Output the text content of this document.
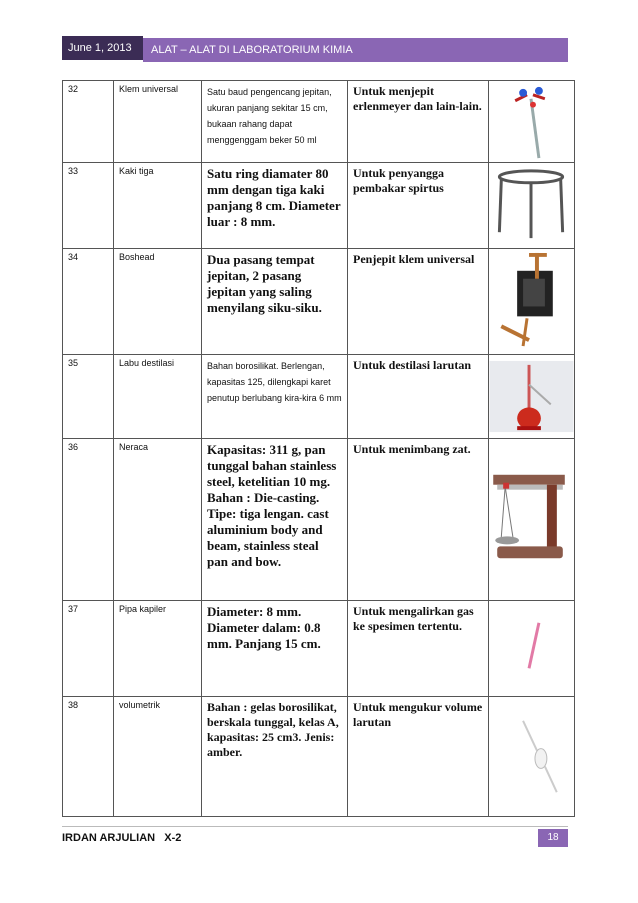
June 1, 2013	ALAT – ALAT DI LABORATORIUM KIMIA
32	Klem universal	Satu baud pengencang jepitan, ukuran panjang sekitar 15 cm, bukaan rahang dapat menggenggam beker 50 ml	Untuk menjepit erlenmeyer dan lain-lain.	

33	Kaki tiga	Satu ring diamater 80 mm dengan tiga kaki panjang 8 cm. Diameter luar : 8 mm.	Untuk penyangga pembakar spirtus	

34	Boshead	Dua pasang tempat jepitan, 2 pasang jepitan yang saling menyilang siku-siku.	Penjepit klem universal	

35	Labu destilasi	Bahan borosilikat. Berlengan, kapasitas 125, dilengkapi karet penutup berlubang kira-kira 6 mm	Untuk destilasi larutan	

36	Neraca	Kapasitas: 311 g, pan tunggal bahan stainless steel, ketelitian 10 mg. Bahan : Die-casting. Tipe: tiga lengan. cast aluminium body and beam, stainless steal pan and bow.	Untuk menimbang zat.	

37	Pipa kapiler	Diameter: 8 mm. Diameter dalam: 0.8 mm. Panjang 15 cm.	Untuk mengalirkan gas ke spesimen tertentu.	

38	volumetrik	Bahan : gelas borosilikat, berskala tunggal, kelas A, kapasitas: 25 cm3. Jenis: amber.	Untuk mengukur volume larutan	
IRDAN ARJULIAN   X-2	18
